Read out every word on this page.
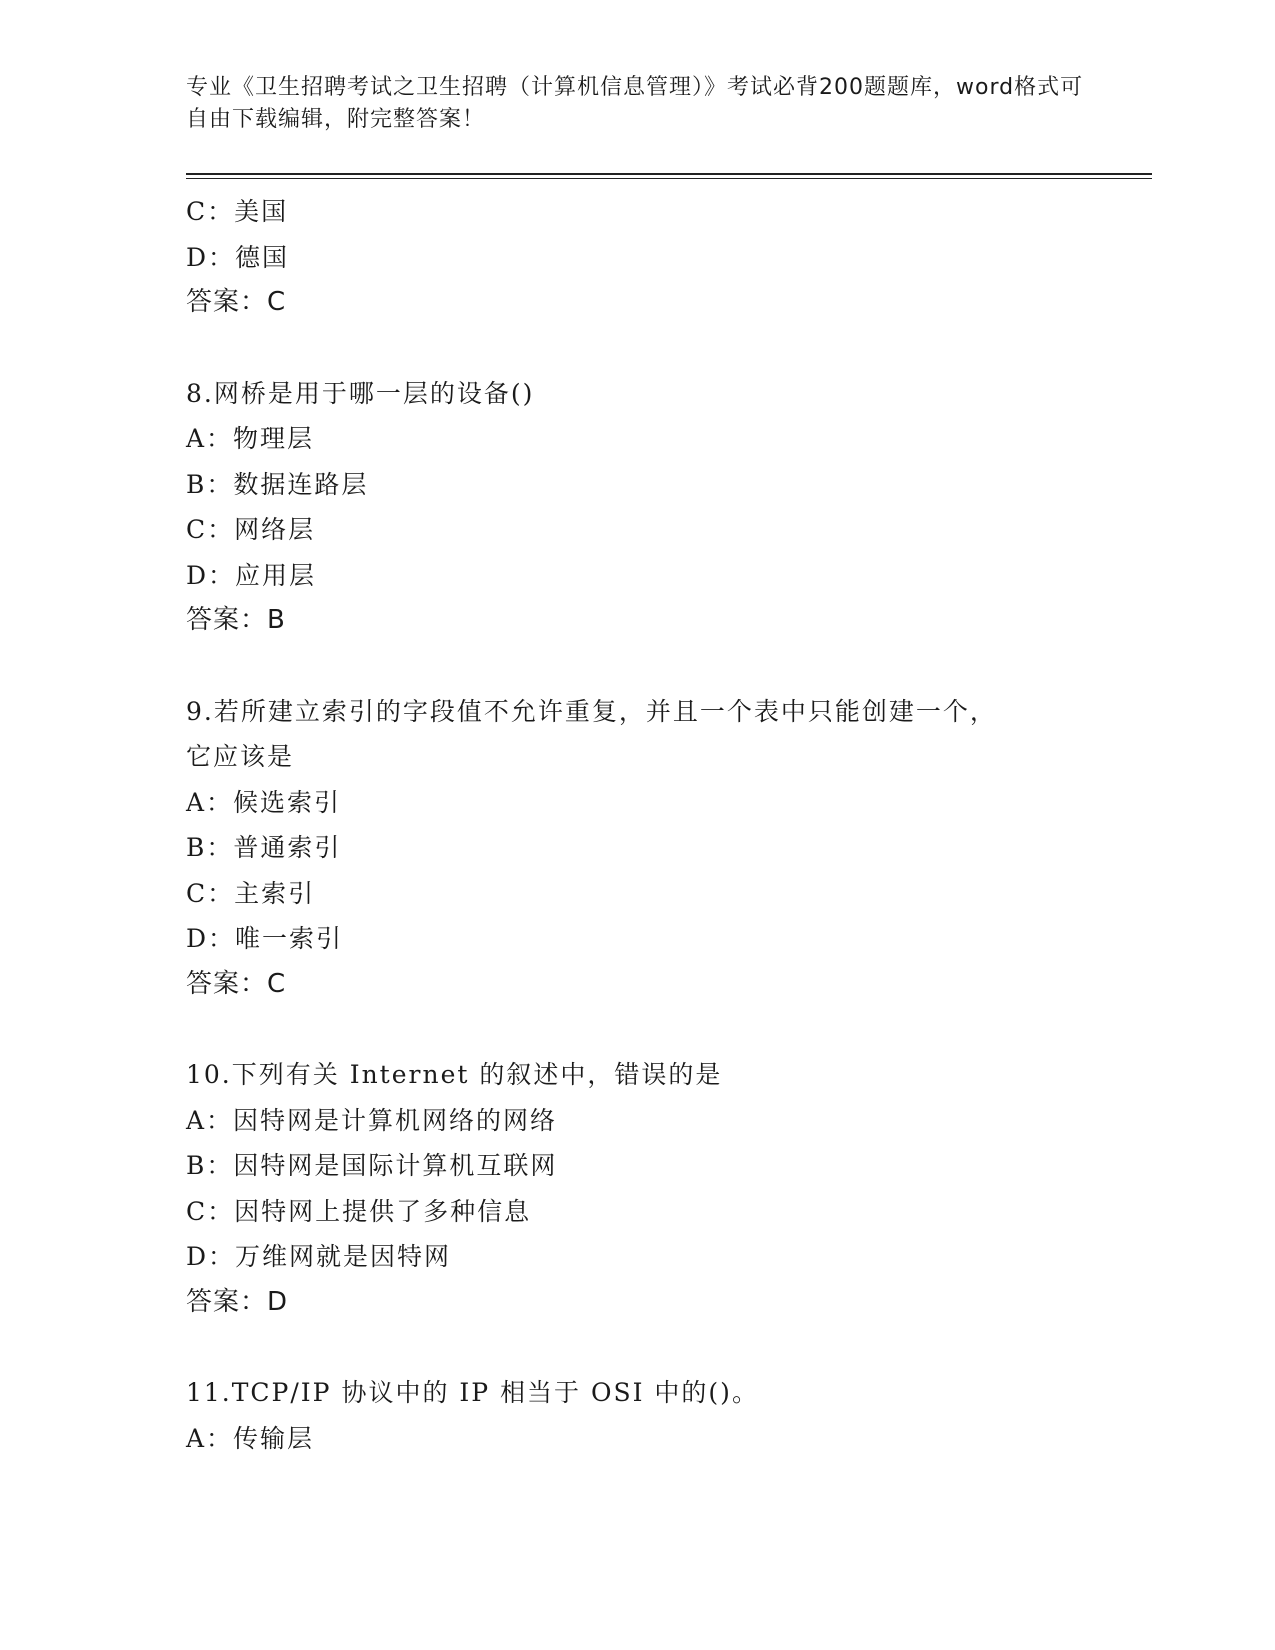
专业《卫生招聘考试之卫生招聘（计算机信息管理）》考试必背200题题库，word格式可自由下载编辑，附完整答案！
C：美国
D：德国
答案：C
8.网桥是用于哪一层的设备()
A：物理层
B：数据连路层
C：网络层
D：应用层
答案：B
9.若所建立索引的字段值不允许重复，并且一个表中只能创建一个，
它应该是
A：候选索引
B：普通索引
C：主索引
D：唯一索引
答案：C
10.下列有关 Internet 的叙述中，错误的是
A：因特网是计算机网络的网络
B：因特网是国际计算机互联网
C：因特网上提供了多种信息
D：万维网就是因特网
答案：D
11.TCP/IP 协议中的 IP 相当于 OSI 中的()。
A：传输层
